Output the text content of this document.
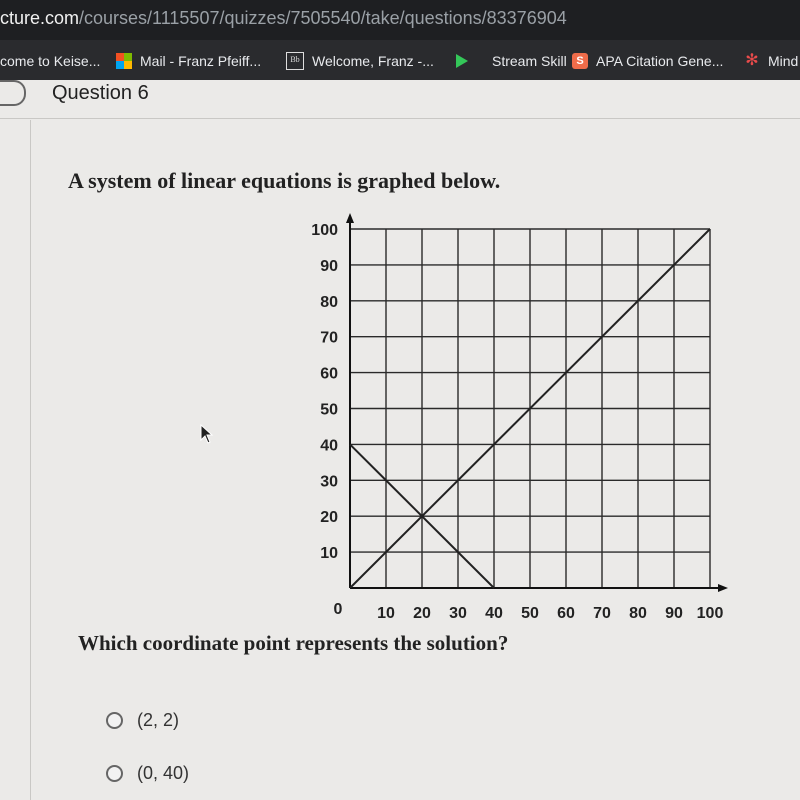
cture.com/courses/1115507/quizzes/7505540/take/questions/83376904
come to Keise...	Mail - Franz Pfeiff...	Bb Welcome, Franz -...	Stream Skill S APA Citation Gene... ✻ Mind
Question 6
A system of linear equations is graphed below.
10
20
30
40
50
60
70
80
90
100
0 10 20 30 40 50 60 70 80 90 100
Which coordinate point represents the solution?
(2, 2)
(0, 40)
